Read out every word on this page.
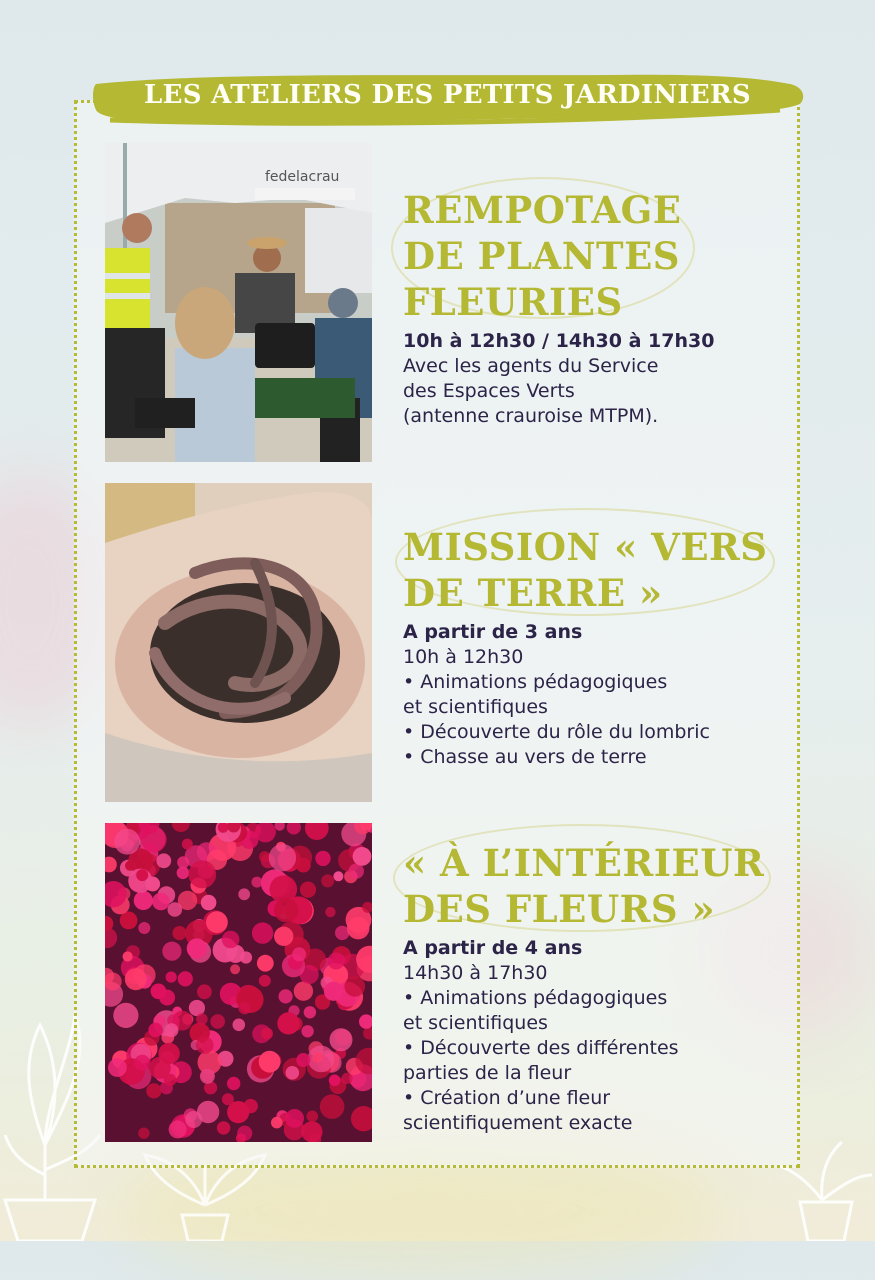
LES ATELIERS DES PETITS JARDINIERS
fedelacrau
REMPOTAGE
DE PLANTES
FLEURIES

10h à 12h30 / 14h30 à 17h30

Avec les agents du Service

des Espaces Verts

(antenne crauroise MTPM).

MISSION « VERS
DE TERRE »

A partir de 3 ans

10h à 12h30

• Animations pédagogiques

et scientifiques

• Découverte du rôle du lombric

• Chasse au vers de terre

« À L’INTÉRIEUR
DES FLEURS »

A partir de 4 ans

14h30 à 17h30

• Animations pédagogiques

et scientifiques

• Découverte des différentes

parties de la fleur

• Création d’une fleur

scientifiquement exacte
